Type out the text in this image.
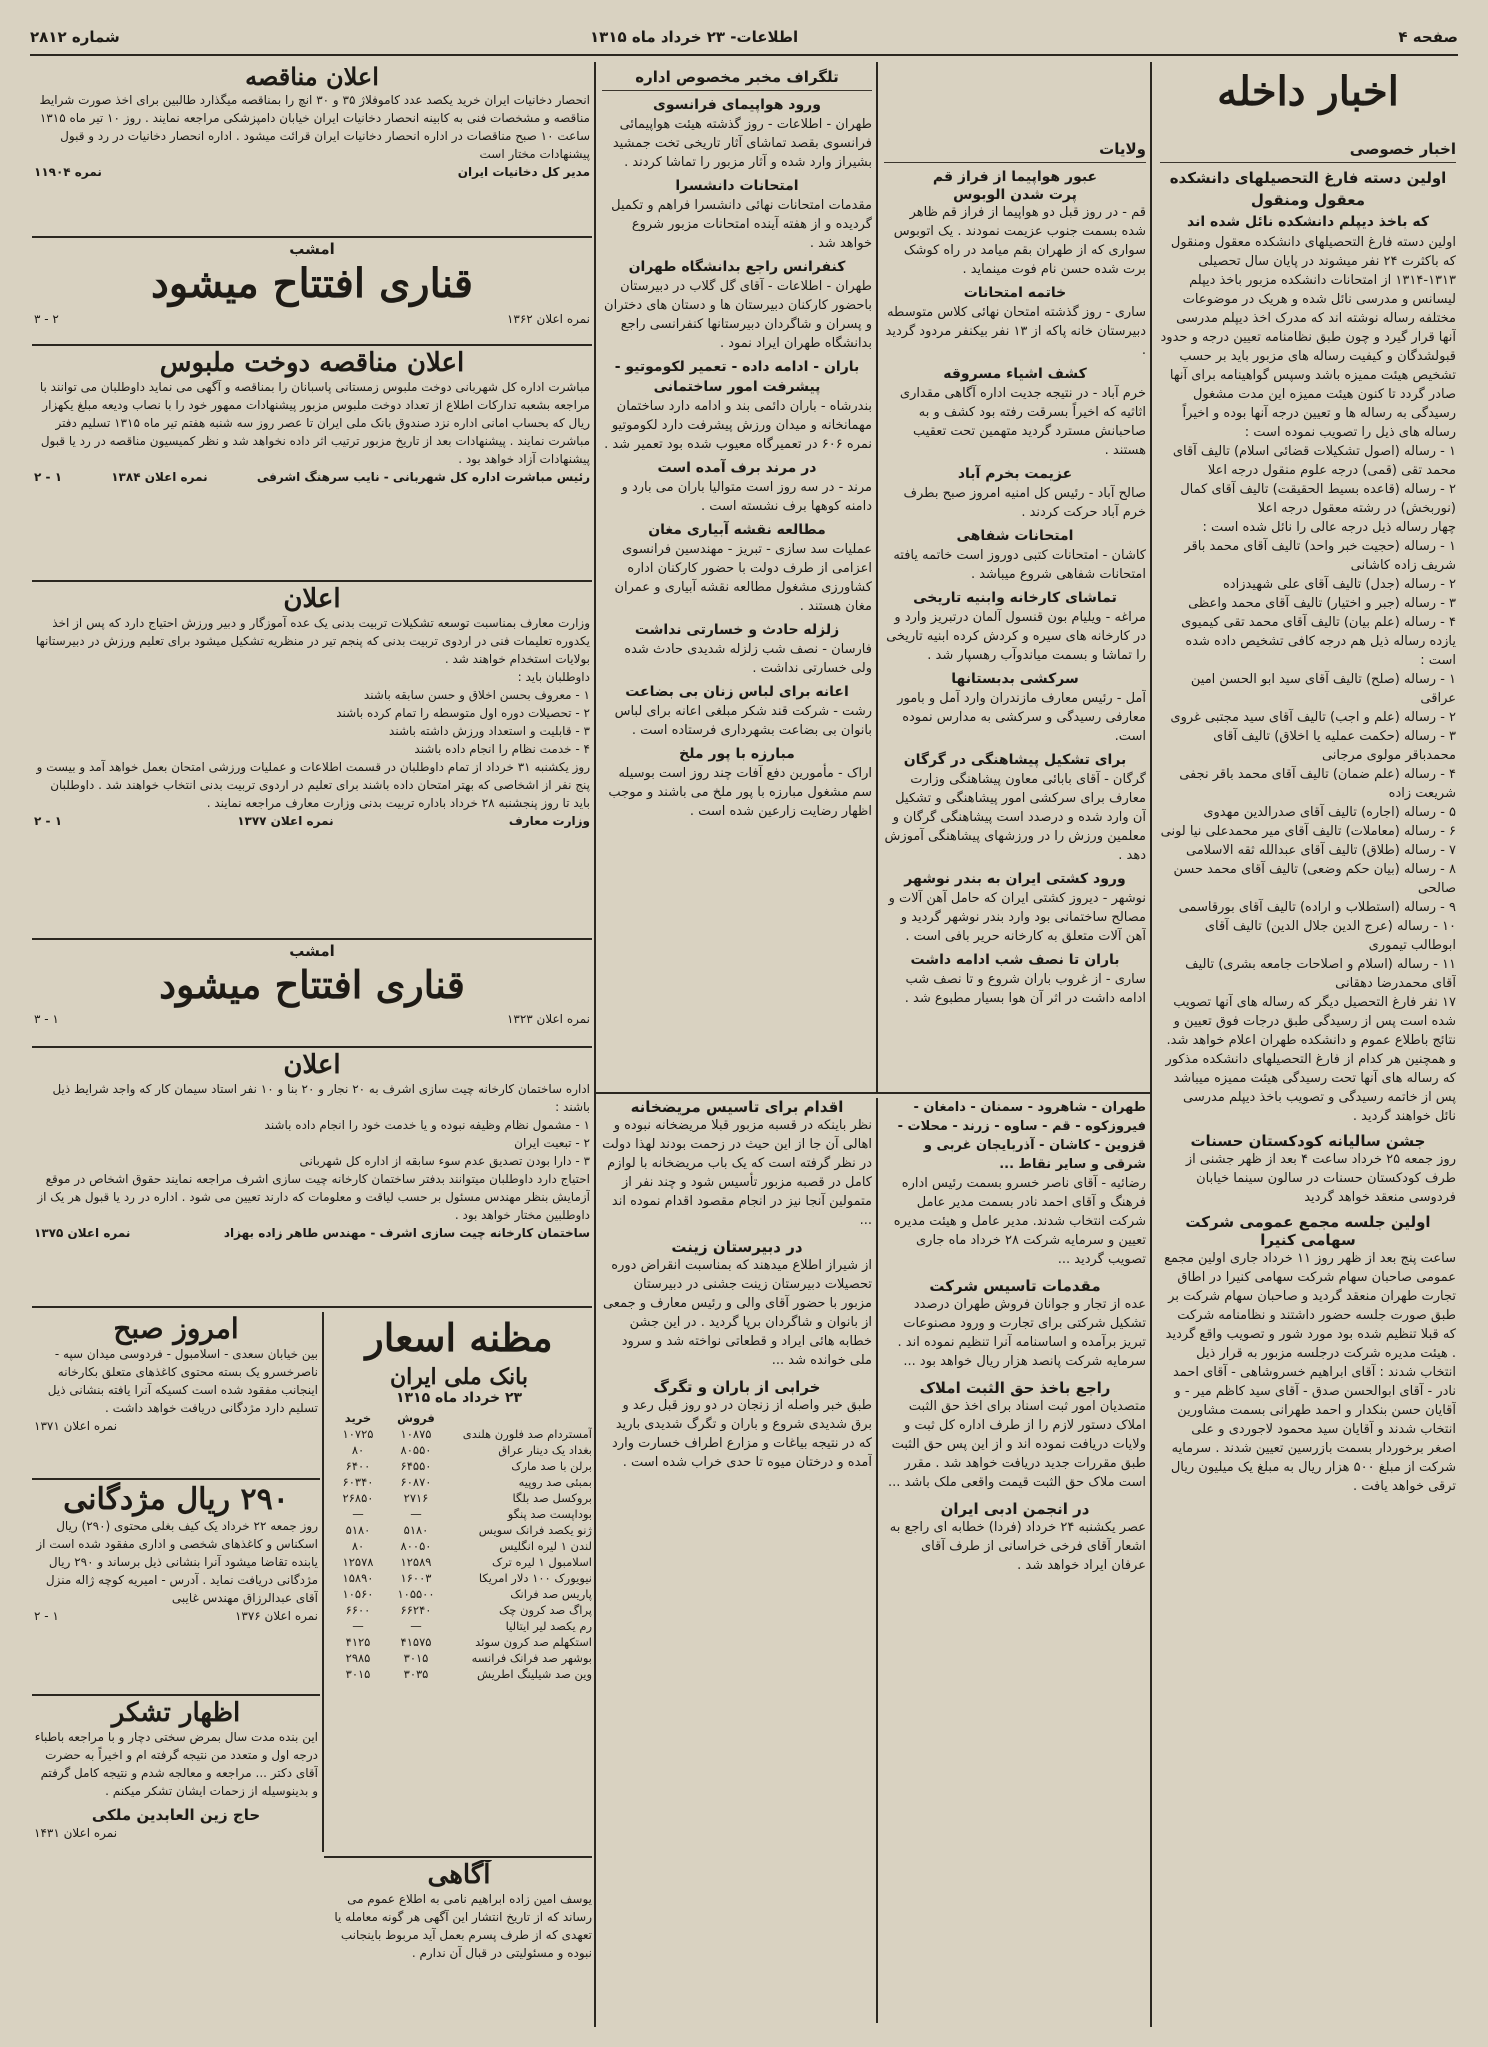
صفحه ۴
اطلاعات- ۲۳ خرداد ماه ۱۳۱۵
شماره ۲۸۱۲
اخبار داخله
اخبار خصوصی
اولین دسته فارغ التحصیلهای دانشکده معقول ومنقول
که باخذ دیپلم دانشکده نائل شده اند
اولین دسته فارغ التحصیلهای دانشکده معقول ومنقول که باکثرت ۲۴ نفر میشوند در پایان سال تحصیلی ۱۳۱۳-۱۳۱۴ از امتحانات دانشکده مزبور باخذ دیپلم لیسانس و مدرسی نائل شده و هریک در موضوعات مختلفه رساله نوشته اند که مدرک اخذ دیپلم مدرسی آنها قرار گیرد و چون طبق نظامنامه تعیین درجه و حدود قبولشدگان و کیفیت رساله های مزبور باید بر حسب تشخیص هیئت ممیزه باشد وسپس گواهینامه برای آنها صادر گردد تا کنون هیئت ممیزه این مدت مشغول رسیدگی به رساله ها و تعیین درجه آنها بوده و اخیراً رساله های ذیل را تصویب نموده است :
۱ - رساله (اصول تشکیلات قضائی اسلام) تالیف آقای محمد تقی (قمی) درجه علوم منقول درجه اعلا
۲ - رساله (قاعده بسیط الحقیقت) تالیف آقای کمال (نوربخش) در رشته معقول درجه اعلا
چهار رساله ذیل درجه عالی را نائل شده است :
۱ - رساله (حجیت خبر واحد) تالیف آقای محمد باقر شریف زاده کاشانی
۲ - رساله (جدل) تالیف آقای علی شهیدزاده
۳ - رساله (جبر و اختیار) تالیف آقای محمد واعظی
۴ - رساله (علم بیان) تالیف آقای محمد تقی کیمیوی
یازده رساله ذیل هم درجه کافی تشخیص داده شده است :
۱ - رساله (صلح) تالیف آقای سید ابو الحسن امین عراقی
۲ - رساله (علم و اجب) تالیف آقای سید مجتبی غروی
۳ - رساله (حکمت عملیه یا اخلاق) تالیف آقای محمدباقر مولوی مرجانی
۴ - رساله (علم ضمان) تالیف آقای محمد باقر نجفی شریعت زاده
۵ - رساله (اجاره) تالیف آقای صدرالدین مهدوی
۶ - رساله (معاملات) تالیف آقای میر محمدعلی نیا لونی
۷ - رساله (طلاق) تالیف آقای عبدالله ثقه الاسلامی
۸ - رساله (بیان حکم وضعی) تالیف آقای محمد حسن صالحی
۹ - رساله (استطلاب و اراده) تالیف آقای بورقاسمی
۱۰ - رساله (عرج الدین جلال الدین) تالیف آقای ابوطالب تیموری
۱۱ - رساله (اسلام و اصلاحات جامعه بشری) تالیف آقای محمدرضا دهقانی
۱۷ نفر فارغ التحصیل دیگر که رساله های آنها تصویب شده است پس از رسیدگی طبق درجات فوق تعیین و نتائج باطلاع عموم و دانشکده طهران اعلام خواهد شد. و همچنین هر کدام از فارغ التحصیلهای دانشکده مذکور که رساله های آنها تحت رسیدگی هیئت ممیزه میباشد پس از خاتمه رسیدگی و تصویب باخذ دیپلم مدرسی نائل خواهند گردید .
جشن سالیانه کودکستان حسنات
روز جمعه ۲۵ خرداد ساعت ۴ بعد از ظهر جشنی از طرف کودکستان حسنات در سالون سینما خیابان فردوسی منعقد خواهد گردید
اولین جلسه مجمع عمومی شرکت سهامی کنیرا
ساعت پنج بعد از ظهر روز ۱۱ خرداد جاری اولین مجمع عمومی صاحبان سهام شرکت سهامی کنیرا در اطاق تجارت طهران منعقد گردید و صاحبان سهام شرکت بر طبق صورت جلسه حضور داشتند و نظامنامه شرکت که قبلا تنظیم شده بود مورد شور و تصویب واقع گردید . هیئت مدیره شرکت درجلسه مزبور به قرار ذیل انتخاب شدند : آقای ابراهیم خسروشاهی - آقای احمد نادر - آقای ابوالحسن صدق - آقای سید کاظم میر - و آقایان حسن بنکدار و احمد طهرانی بسمت مشاورین انتخاب شدند و آقایان سید محمود لاجوردی و علی اصغر برخوردار بسمت بازرسین تعیین شدند . سرمایه شرکت از مبلغ ۵۰۰ هزار ریال به مبلغ یک میلیون ریال ترقی خواهد یافت .
ولایات
عبور هواپیما از فراز قم
پرت شدن الوبوس
قم - در روز قبل دو هواپیما از فراز قم ظاهر شده بسمت جنوب عزیمت نمودند . یک اتوبوس سواری که از طهران بقم میامد در راه کوشک برت شده حسن نام فوت مینماید .
خاتمه امتحانات
ساری - روز گذشته امتحان نهائی کلاس متوسطه دبیرستان خانه پاکه از ۱۳ نفر بیکنفر مردود گردید .
کشف اشیاء مسروقه
خرم آباد - در نتیجه جدیت اداره آگاهی مقداری اثاثیه که اخیراً بسرقت رفته بود کشف و به صاحبانش مسترد گردید متهمین تحت تعقیب هستند .
عزیمت بخرم آباد
صالح آباد - رئیس کل امنیه امروز صبح بطرف خرم آباد حرکت کردند .
امتحانات شفاهی
کاشان - امتحانات کتبی دوروز است خاتمه یافته امتحانات شفاهی شروع میباشد .
تماشای کارخانه وابنیه تاریخی
مراغه - ویلیام بون قنسول آلمان درتبریز وارد و در کارخانه های سیره و کردش کرده ابنیه تاریخی را تماشا و بسمت میاندوآب رهسپار شد .
سرکشی بدبستانها
آمل - رئیس معارف مازندران وارد آمل و بامور معارفی رسیدگی و سرکشی به مدارس نموده است.
برای تشکیل پیشاهنگی در گرگان
گرگان - آقای بابائی معاون پیشاهنگی وزارت معارف برای سرکشی امور پیشاهنگی و تشکیل آن وارد شده و درصدد است پیشاهنگی گرگان و معلمین ورزش را در ورزشهای پیشاهنگی آموزش دهد .
ورود کشتی ایران به بندر نوشهر
نوشهر - دیروز کشتی ایران که حامل آهن آلات و مصالح ساختمانی بود وارد بندر نوشهر گردید و آهن آلات متعلق به کارخانه حریر بافی است .
باران تا نصف شب ادامه داشت
ساری - از غروب باران شروع و تا نصف شب ادامه داشت در اثر آن هوا بسیار مطبوع شد .
تلگراف مخبر مخصوص اداره
ورود هواپیمای فرانسوی
طهران - اطلاعات - روز گذشته هیئت هواپیمائی فرانسوی بقصد تماشای آثار تاریخی تخت جمشید بشیراز وارد شده و آثار مزبور را تماشا کردند .
امتحانات دانشسرا
مقدمات امتحانات نهائی دانشسرا فراهم و تکمیل گردیده و از هفته آینده امتحانات مزبور شروع خواهد شد .
کنفرانس راجع بدانشگاه طهران
طهران - اطلاعات - آقای گل گلاب در دبیرستان باحضور کارکنان دبیرستان ها و دستان های دختران و پسران و شاگردان دبیرستانها کنفرانسی راجع بدانشگاه طهران ایراد نمود .
باران - ادامه داده - تعمیر لکوموتیو - پیشرفت امور ساختمانی
بندرشاه - باران دائمی بند و ادامه دارد ساختمان مهمانخانه و میدان ورزش پیشرفت دارد لکوموتیو نمره ۶۰۶ در تعمیرگاه معیوب شده بود تعمیر شد .
در مرند برف آمده است
مرند - در سه روز است متوالیا باران می بارد و دامنه کوهها برف نشسته است .
مطالعه نقشه آبیاری مغان
عملیات سد سازی - تبریز - مهندسین فرانسوی اعزامی از طرف دولت با حضور کارکنان اداره کشاورزی مشغول مطالعه نقشه آبیاری و عمران مغان هستند .
زلزله حادث و خسارتی نداشت
فارسان - نصف شب زلزله شدیدی حادث شده ولی خسارتی نداشت .
اعانه برای لباس زنان بی بضاعت
رشت - شرکت قند شکر مبلغی اعانه برای لباس بانوان بی بضاعت بشهرداری فرستاده است .
مبارزه با پور ملخ
اراک - مأمورین دفع آفات چند روز است بوسیله سم مشغول مبارزه با پور ملخ می باشند و موجب اظهار رضایت زارعین شده است .
طهران - شاهرود - سمنان - دامغان - فیروزکوه - قم - ساوه - زرند - محلات - قزوین - کاشان - آذربایجان غربی و شرقی و سایر نقاط ...
رضائیه - آقای ناصر خسرو بسمت رئیس اداره فرهنگ و آقای احمد نادر بسمت مدیر عامل شرکت انتخاب شدند. مدیر عامل و هیئت مدیره تعیین و سرمایه شرکت ۲۸ خرداد ماه جاری تصویب گردید ...
مقدمات تاسیس شرکت
عده از تجار و جوانان فروش طهران درصدد تشکیل شرکتی برای تجارت و ورود مصنوعات تبریز برآمده و اساسنامه آنرا تنظیم نموده اند . سرمایه شرکت پانصد هزار ریال خواهد بود ...
راجع باخذ حق الثبت املاک
متصدیان امور ثبت اسناد برای اخذ حق الثبت املاک دستور لازم را از طرف اداره کل ثبت و ولایات دریافت نموده اند و از این پس حق الثبت طبق مقررات جدید دریافت خواهد شد . مقرر است ملاک حق الثبت قیمت واقعی ملک باشد ...
در انجمن ادبی ایران
عصر یکشنبه ۲۴ خرداد (فردا) خطابه ای راجع به اشعار آقای فرخی خراسانی از طرف آقای عرفان ایراد خواهد شد .
اقدام برای تاسیس مریضخانه
نظر باینکه در قسبه مزبور قبلا مریضخانه نبوده و اهالی آن جا از این حیث در زحمت بودند لهذا دولت در نظر گرفته است که یک باب مریضخانه با لوازم کامل در قصبه مزبور تأسیس شود و چند نفر از متمولین آنجا نیز در انجام مقصود اقدام نموده اند ...
در دبیرستان زینت
از شیراز اطلاع میدهند که بمناسبت انقراض دوره تحصیلات دبیرستان زینت جشنی در دبیرستان مزبور با حضور آقای والی و رئیس معارف و جمعی از بانوان و شاگردان برپا گردید . در این جشن خطابه هائی ایراد و قطعاتی نواخته شد و سرود ملی خوانده شد ...
خرابی از باران و تگرگ
طبق خبر واصله از زنجان در دو روز قبل رعد و برق شدیدی شروع و باران و تگرگ شدیدی بارید که در نتیجه بیاغات و مزارع اطراف خسارت وارد آمده و درختان میوه تا حدی خراب شده است .
اعلان مناقصه
انحصار دخانیات ایران خرید یکصد عدد کاموفلاژ ۳۵ و ۳۰ انچ را بمناقصه میگذارد طالبین برای اخذ صورت شرایط مناقصه و مشخصات فنی به کابینه انحصار دخانیات ایران خیابان دامپزشکی مراجعه نمایند . روز ۱۰ تیر ماه ۱۳۱۵ ساعت ۱۰ صبح مناقصات در اداره انحصار دخانیات ایران قرائت میشود . اداره انحصار دخانیات در رد و قبول پیشنهادات مختار است
مدیر کل دخانیات ایران
نمره ۱۱۹۰۴
امشب
قناری افتتاح میشود
نمره اعلان ۱۳۶۲
۲ - ۳
اعلان مناقصه دوخت ملبوس
مباشرت اداره کل شهربانی دوخت ملبوس زمستانی پاسبانان را بمناقصه و آگهی می نماید داوطلبان می توانند با مراجعه بشعبه تدارکات اطلاع از تعداد دوخت ملبوس مزبور پیشنهادات ممهور خود را با نصاب ودیعه مبلغ یکهزار ریال که بحساب امانی اداره نزد صندوق بانک ملی ایران تا عصر روز سه شنبه هفتم تیر ماه ۱۳۱۵ تسلیم دفتر مباشرت نمایند . پیشنهادات بعد از تاریخ مزبور ترتیب اثر داده نخواهد شد و نظر کمیسیون مناقصه در رد یا قبول پیشنهادات آزاد خواهد بود .
رئیس مباشرت اداره کل شهربانی - نایب سرهنگ اشرفی
نمره اعلان ۱۳۸۴
۱ - ۲
اعلان
وزارت معارف بمناسبت توسعه تشکیلات تربیت بدنی یک عده آموزگار و دبیر ورزش احتیاج دارد که پس از اخذ یکدوره تعلیمات فنی در اردوی تربیت بدنی که پنجم تیر در منظریه تشکیل میشود برای تعلیم ورزش در دبیرستانها بولایات استخدام خواهند شد .
داوطلبان باید :
۱ - معروف بحسن اخلاق و حسن سابقه باشند
۲ - تحصیلات دوره اول متوسطه را تمام کرده باشند
۳ - قابلیت و استعداد ورزش داشته باشند
۴ - خدمت نظام را انجام داده باشند
روز یکشنبه ۳۱ خرداد از تمام داوطلبان در قسمت اطلاعات و عملیات ورزشی امتحان بعمل خواهد آمد و بیست و پنج نفر از اشخاصی که بهتر امتحان داده باشند برای تعلیم در اردوی تربیت بدنی انتخاب خواهند شد . داوطلبان باید تا روز پنجشنبه ۲۸ خرداد باداره تربیت بدنی وزارت معارف مراجعه نمایند .
وزارت معارف
نمره اعلان ۱۳۷۷
۱ - ۲
امشب
قناری افتتاح میشود
نمره اعلان ۱۳۲۳
۱ - ۳
اعلان
اداره ساختمان کارخانه چیت سازی اشرف به ۲۰ نجار و ۲۰ بنا و ۱۰ نفر استاد سیمان کار که واجد شرایط ذیل باشند :
۱ - مشمول نظام وظیفه نبوده و یا خدمت خود را انجام داده باشند
۲ - تبعیت ایران
۳ - دارا بودن تصدیق عدم سوء سابقه از اداره کل شهربانی
احتیاج دارد داوطلبان میتوانند بدفتر ساختمان کارخانه چیت سازی اشرف مراجعه نمایند حقوق اشخاص در موقع آزمایش بنظر مهندس مسئول بر حسب لیاقت و معلومات که دارند تعیین می شود . اداره در رد یا قبول هر یک از داوطلبین مختار خواهد بود .
ساختمان کارخانه چیت سازی اشرف - مهندس طاهر زاده بهزاد
نمره اعلان ۱۳۷۵
مظنه اسعار
بانک ملی ایران
۲۳ خرداد ماه ۱۳۱۵
فروش
خرید
آمستردام صد فلورن هلندی
۱۰۸۷۵
۱۰۷۲۵
بغداد یک دینار عراق
۸۰۵۵۰
۸۰
برلن با صد مارک
۶۴۵۵۰
۶۴۰۰
بمبئی صد روپیه
۶۰۸۷۰
۶۰۳۴۰
بروکسل صد بلگا
۲۷۱۶
۲۶۸۵۰
بوداپست صد پنگو
—
—
ژنو یکصد فرانک سویس
۵۱۸۰
۵۱۸۰
لندن ۱ لیره انگلیس
۸۰۰۵۰
۸۰
اسلامبول ۱ لیره ترک
۱۲۵۸۹
۱۲۵۷۸
نیویورک ۱۰۰ دلار امریکا
۱۶۰۰۳
۱۵۸۹۰
پاریس صد فرانک
۱۰۵۵۰۰
۱۰۵۶۰
پراگ صد کرون چک
۶۶۲۴۰
۶۶۰۰
رم یکصد لیر ایتالیا
—
—
استکهلم صد کرون سوئد
۴۱۵۷۵
۴۱۲۵
بوشهر صد فرانک فرانسه
۳۰۱۵
۲۹۸۵
وین صد شیلینگ اطریش
۳۰۳۵
۳۰۱۵
امروز صبح
بین خیابان سعدی - اسلامبول - فردوسی میدان سپه - ناصرخسرو یک بسته محتوی کاغذهای متعلق بکارخانه اینجانب مفقود شده است کسیکه آنرا یافته بنشانی ذیل تسلیم دارد مژدگانی دریافت خواهد داشت .
نمره اعلان ۱۳۷۱
۲۹۰ ریال مژدگانی
روز جمعه ۲۲ خرداد یک کیف بغلی محتوی (۲۹۰) ریال اسکناس و کاغذهای شخصی و اداری مفقود شده است از یابنده تقاضا میشود آنرا بنشانی ذیل برساند و ۲۹۰ ریال مژدگانی دریافت نماید . آدرس - امیریه کوچه ژاله منزل آقای عبدالرزاق مهندس غایبی
نمره اعلان ۱۳۷۶
۱ - ۲
اظهار تشکر
این بنده مدت سال بمرض سختی دچار و با مراجعه باطباء درجه اول و متعدد من نتیجه گرفته ام و اخیراً به حضرت آقای دکتر ... مراجعه و معالجه شدم و نتیجه کامل گرفتم و بدینوسیله از زحمات ایشان تشکر میکنم .
حاج زین العابدین ملکی
نمره اعلان ۱۴۳۱
آگاهی
یوسف امین زاده ابراهیم نامی به اطلاع عموم می رساند که از تاریخ انتشار این آگهی هر گونه معامله یا تعهدی که از طرف پسرم بعمل آید مربوط باینجانب نبوده و مسئولیتی در قبال آن ندارم .
